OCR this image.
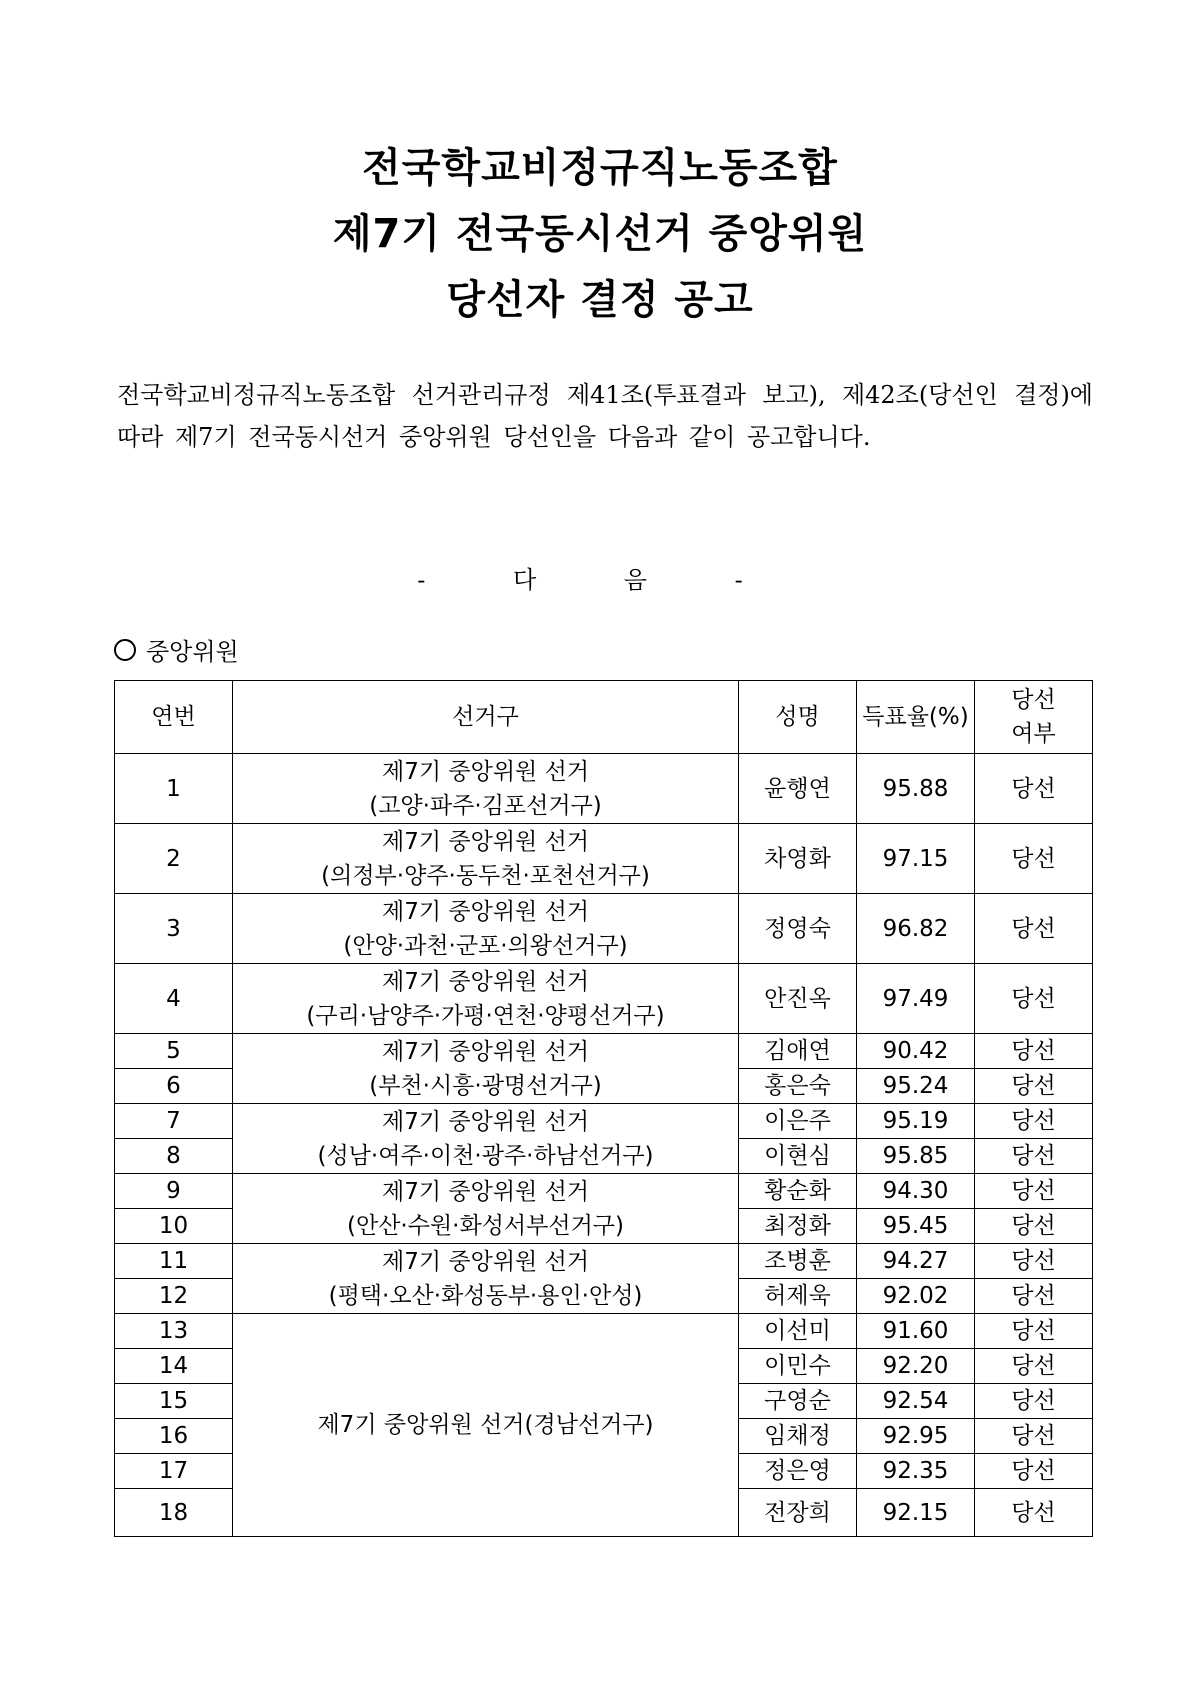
전국학교비정규직노동조합
제7기 전국동시선거 중앙위원
당선자 결정 공고
전국학교비정규직노동조합 선거관리규정 제41조(투표결과 보고), 제42조(당선인 결정)에 따라 제7기 전국동시선거 중앙위원 당선인을 다음과 같이 공고합니다.
- 다 음 -
중앙위원
연번	선거구	성명	득표율(%)	당선
여부

1	제7기 중앙위원 선거
(고양·파주·김포선거구)	윤행연	95.88	당선
2	제7기 중앙위원 선거
(의정부·양주·동두천·포천선거구)	차영화	97.15	당선
3	제7기 중앙위원 선거
(안양·과천·군포·의왕선거구)	정영숙	96.82	당선
4	제7기 중앙위원 선거
(구리·남양주·가평·연천·양평선거구)	안진옥	97.49	당선
5	제7기 중앙위원 선거
(부천·시흥·광명선거구)	김애연	90.42	당선
6		홍은숙	95.24	당선
7	제7기 중앙위원 선거
(성남·여주·이천·광주·하남선거구)	이은주	95.19	당선
8		이현심	95.85	당선
9	제7기 중앙위원 선거
(안산·수원·화성서부선거구)	황순화	94.30	당선
10		최정화	95.45	당선
11	제7기 중앙위원 선거
(평택·오산·화성동부·용인·안성)	조병훈	94.27	당선
12		허제욱	92.02	당선
13	제7기 중앙위원 선거(경남선거구)	이선미	91.60	당선
14		이민수	92.20	당선
15		구영순	92.54	당선
16		임채정	92.95	당선
17		정은영	92.35	당선
18		전장희	92.15	당선
